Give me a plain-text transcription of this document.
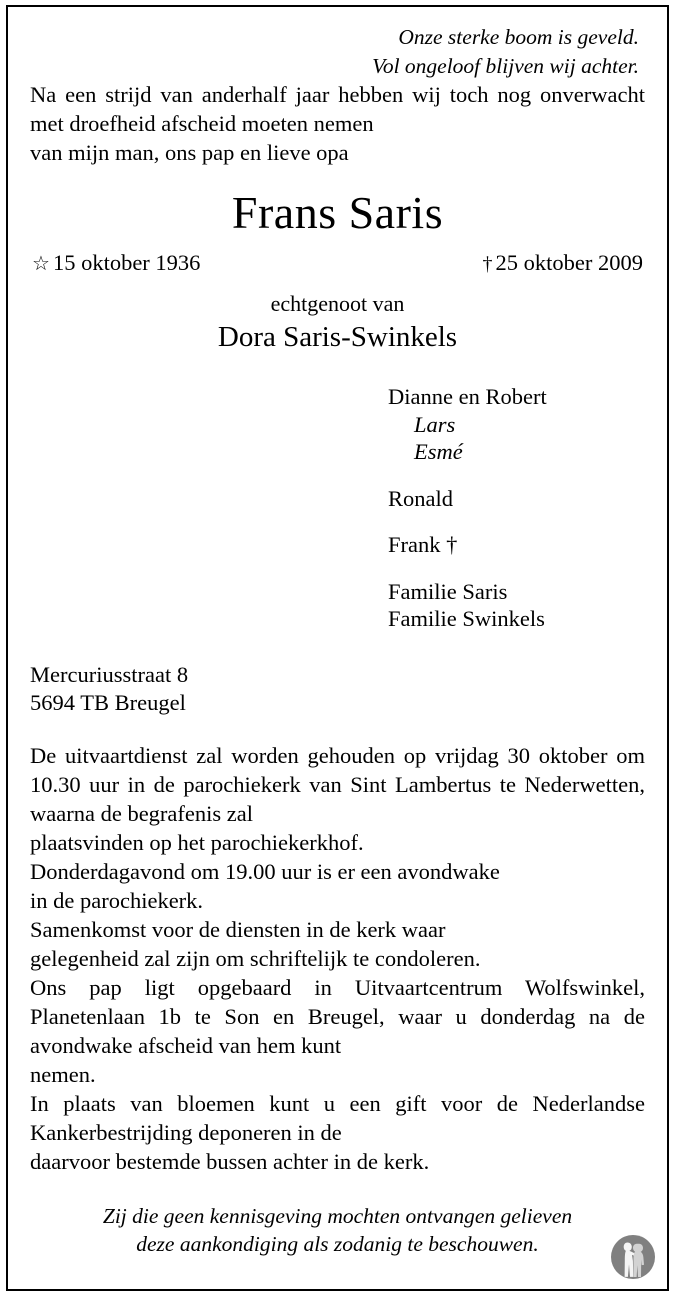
Onze sterke boom is geveld.
Vol ongeloof blijven wij achter.
Na een strijd van anderhalf jaar hebben wij toch nog onverwacht met droefheid afscheid moeten nemen
van mijn man, ons pap en lieve opa
Frans Saris
☆ 15 oktober 1936	† 25 oktober 2009
echtgenoot van
Dora Saris-Swinkels
Dianne en Robert
Lars
Esmé
Ronald
Frank †
Familie Saris
Familie Swinkels
Mercuriusstraat 8
5694 TB Breugel

De uitvaartdienst zal worden gehouden op vrijdag 30 oktober om 10.30 uur in de parochiekerk van Sint Lambertus te Nederwetten, waarna de begrafenis zal
plaatsvinden op het parochiekerkhof.

Donderdagavond om 19.00 uur is er een avondwake
in de parochiekerk.

Samenkomst voor de diensten in de kerk waar
gelegenheid zal zijn om schriftelijk te condoleren.

Ons pap ligt opgebaard in Uitvaartcentrum Wolfswinkel, Planetenlaan 1b te Son en Breugel, waar u donderdag na de avondwake afscheid van hem kunt
nemen.

In plaats van bloemen kunt u een gift voor de Nederlandse Kankerbestrijding deponeren in de
daarvoor bestemde bussen achter in de kerk.

Zij die geen kennisgeving mochten ontvangen gelieven
deze aankondiging als zodanig te beschouwen.
